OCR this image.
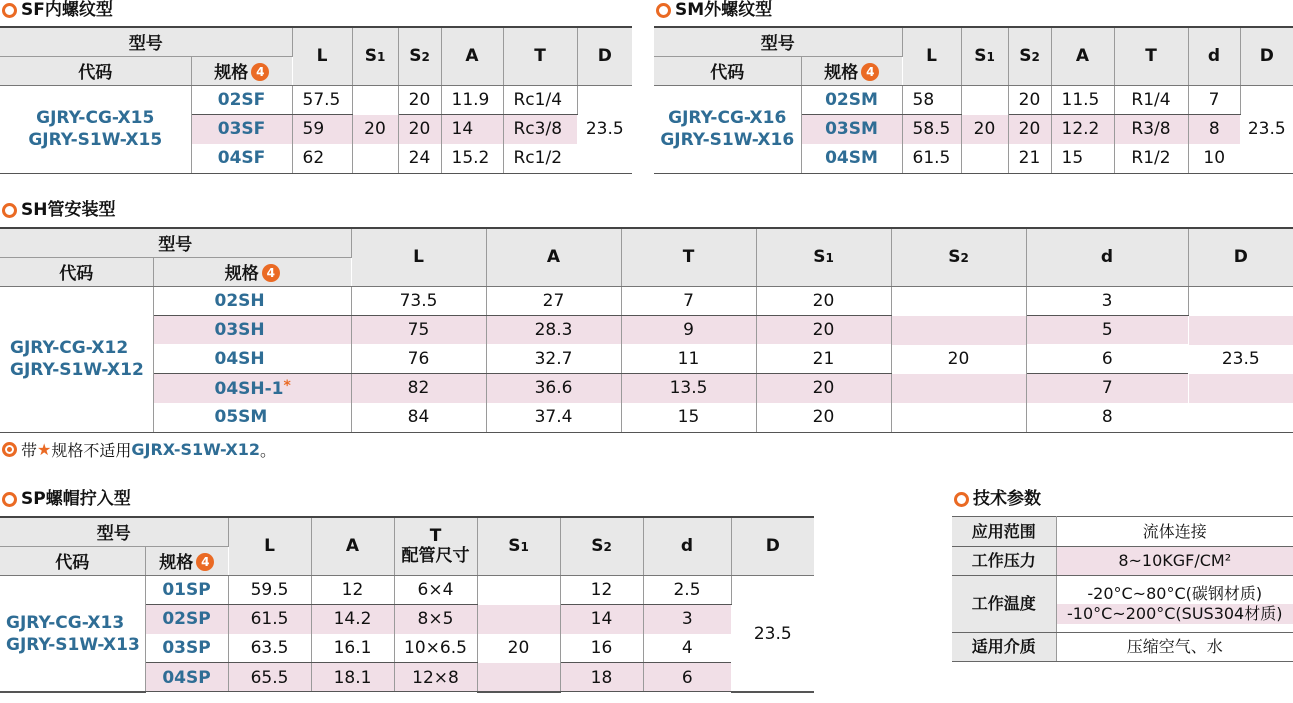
SF内螺纹型
型号		L	S1	S2	A	T	D
代码	规格 4						

GJRY-CG-X15
GJRY-S1W-X15	02SF	57.5	20	20	11.9	Rc1/4	23.5
	03SF	59		20	14	Rc3/8	
	04SF	62		24	15.2	Rc1/2	
SM外螺纹型
型号		L	S1	S2	A	T	d	D
代码	规格 4							

GJRY-CG-X16
GJRY-S1W-X16	02SM	58	20	20	11.5	R1/4	7	23.5
	03SM	58.5		20	12.2	R3/8	8	
	04SM	61.5		21	15	R1/2	10	
SH管安装型
型号		L	A	T	S1	S2	d	D
代码	规格 4							

GJRY-CG-X12
GJRY-S1W-X12	02SH	73.5	27	7	20	20	3	23.5

	03SH	75	28.3	9	20		5	
	04SH	76	32.7	11	21		6	
	04SH-1*	82	36.6	13.5	20		7	
	05SM	84	37.4	15	20		8	
带 ★ 规格不适用 GJRX-S1W-X12 。
SP螺帽拧入型
型号		L	A	T
配管尺寸	S1	S2	d	D
代码	规格 4							

GJRY-CG-X13
GJRY-S1W-X13	01SP	59.5	12	6×4	20	12	2.5	23.5
	02SP	61.5	14.2	8×5		14	3	
	03SP	63.5	16.1	10×6.5		16	4	
	04SP	65.5	18.1	12×8		18	6	
技术参数
应用范围	流体连接
工作压力	8~10KGF/CM²
工作温度	-20°C~80°C(碳钢材质)
-10°C~200°C(SUS304材质)

适用介质	压缩空气、水
